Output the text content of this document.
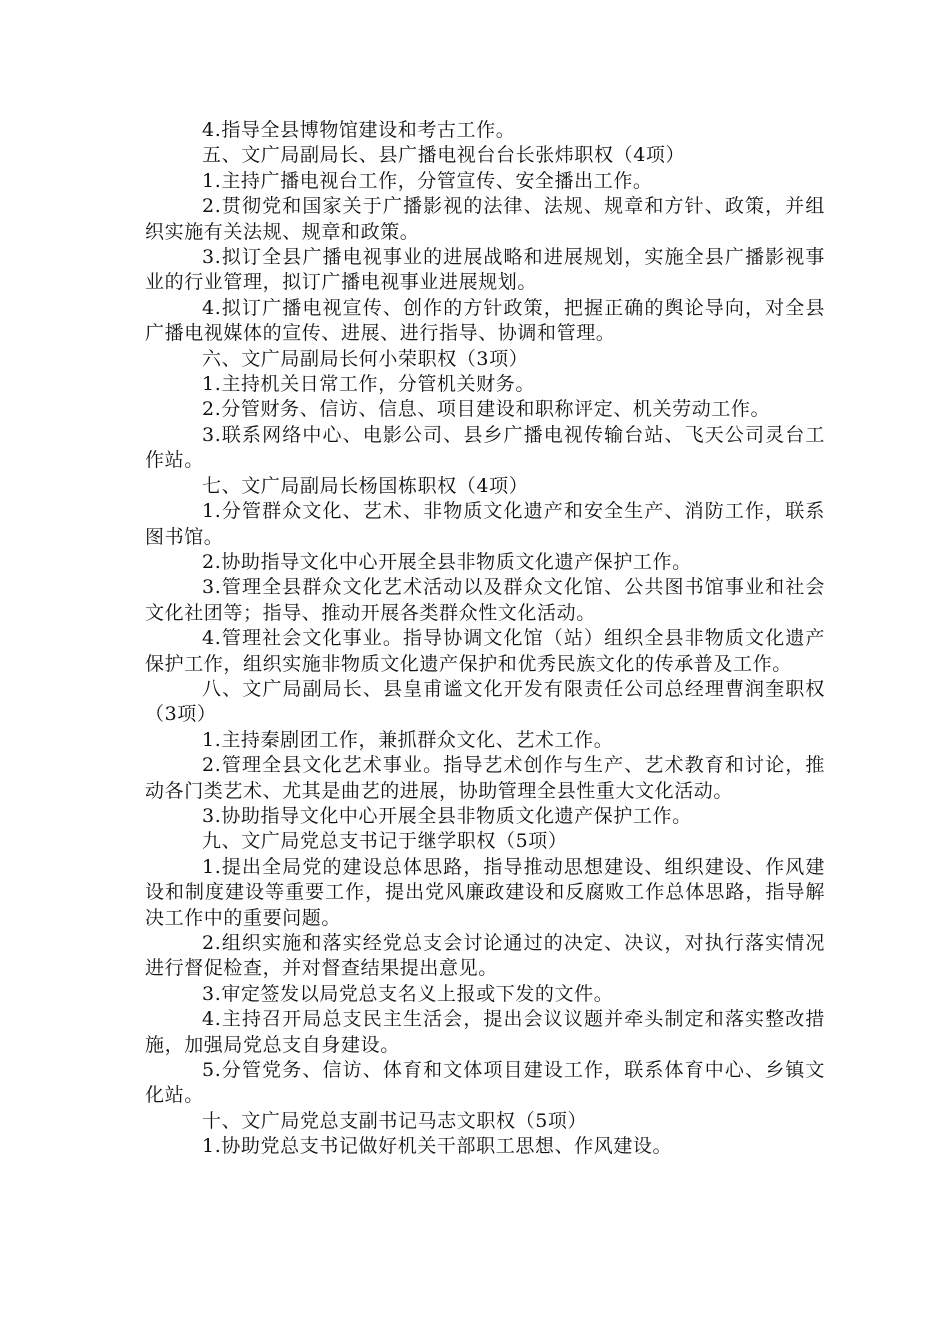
4.指导全县博物馆建设和考古工作。

五、文广局副局长、县广播电视台台长张炜职权（4项）

1.主持广播电视台工作，分管宣传、安全播出工作。

2.贯彻党和国家关于广播影视的法律、法规、规章和方针、政策，并组织实施有关法规、规章和政策。

3.拟订全县广播电视事业的进展战略和进展规划，实施全县广播影视事业的行业管理，拟订广播电视事业进展规划。

4.拟订广播电视宣传、创作的方针政策，把握正确的舆论导向，对全县广播电视媒体的宣传、进展、进行指导、协调和管理。

六、文广局副局长何小荣职权（3项）

1.主持机关日常工作，分管机关财务。

2.分管财务、信访、信息、项目建设和职称评定、机关劳动工作。

3.联系网络中心、电影公司、县乡广播电视传输台站、飞天公司灵台工作站。

七、文广局副局长杨国栋职权（4项）

1.分管群众文化、艺术、非物质文化遗产和安全生产、消防工作，联系图书馆。

2.协助指导文化中心开展全县非物质文化遗产保护工作。

3.管理全县群众文化艺术活动以及群众文化馆、公共图书馆事业和社会文化社团等；指导、推动开展各类群众性文化活动。

4.管理社会文化事业。指导协调文化馆（站）组织全县非物质文化遗产保护工作，组织实施非物质文化遗产保护和优秀民族文化的传承普及工作。

八、文广局副局长、县皇甫谧文化开发有限责任公司总经理曹润奎职权（3项）

1.主持秦剧团工作，兼抓群众文化、艺术工作。

2.管理全县文化艺术事业。指导艺术创作与生产、艺术教育和讨论，推动各门类艺术、尤其是曲艺的进展，协助管理全县性重大文化活动。

3.协助指导文化中心开展全县非物质文化遗产保护工作。

九、文广局党总支书记于继学职权（5项）

1.提出全局党的建设总体思路，指导推动思想建设、组织建设、作风建设和制度建设等重要工作，提出党风廉政建设和反腐败工作总体思路，指导解决工作中的重要问题。

2.组织实施和落实经党总支会讨论通过的决定、决议，对执行落实情况进行督促检查，并对督查结果提出意见。

3.审定签发以局党总支名义上报或下发的文件。

4.主持召开局总支民主生活会，提出会议议题并牵头制定和落实整改措施，加强局党总支自身建设。

5.分管党务、信访、体育和文体项目建设工作，联系体育中心、乡镇文化站。

十、文广局党总支副书记马志文职权（5项）

1.协助党总支书记做好机关干部职工思想、作风建设。
